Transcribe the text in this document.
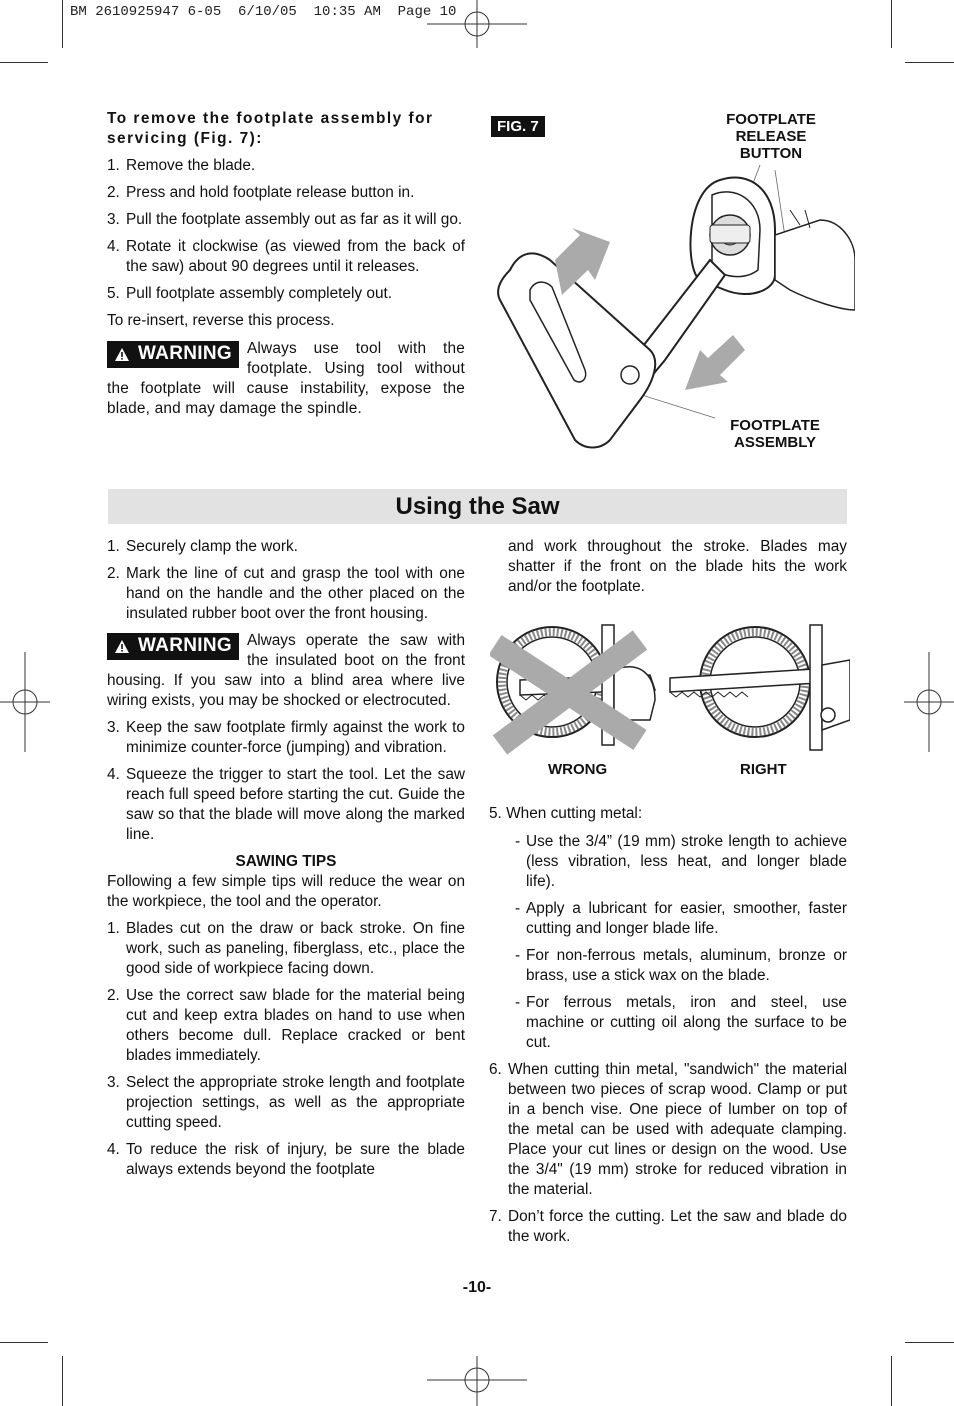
BM 2610925947 6-05  6/10/05  10:35 AM  Page 10

To remove the footplate assembly for servicing (Fig. 7):

1. Remove the blade.
2. Press and hold footplate release button in.
3. Pull the footplate assembly out as far as it will go.
4. Rotate it clockwise (as viewed from the back of the saw) about 90 degrees until it releases.
5. Pull footplate assembly completely out.

To re-insert, reverse this process.

WARNING Always use tool with the footplate. Using tool without the footplate will cause instability, expose the blade, and may damage the spindle.
FIG. 7	FOOTPLATE
RELEASE
BUTTON
FOOTPLATE
ASSEMBLY
Using the Saw
1. Securely clamp the work.
2. Mark the line of cut and grasp the tool with one hand on the handle and the other placed on the insulated rubber boot over the front housing.
WARNING Always operate the saw with the insulated boot on the front housing. If you saw into a blind area where live wiring exists, you may be shocked or electrocuted.
3. Keep the saw footplate firmly against the work to minimize counter-force (jumping) and vibration.
4. Squeeze the trigger to start the tool. Let the saw reach full speed before starting the cut. Guide the saw so that the blade will move along the marked line.
SAWING TIPS

Following a few simple tips will reduce the wear on the workpiece, the tool and the operator.

1. Blades cut on the draw or back stroke. On fine work, such as paneling, fiberglass, etc., place the good side of workpiece facing down.
2. Use the correct saw blade for the material being cut and keep extra blades on hand to use when others become dull. Replace cracked or bent blades immediately.
3. Select the appropriate stroke length and footplate projection settings, as well as the appropriate cutting speed.
4. To reduce the risk of injury, be sure the blade always extends beyond the footplate

and work throughout the stroke. Blades may shatter if the front on the blade hits the work and/or the footplate.

WRONG	RIGHT

5. When cutting metal:

- Use the 3/4” (19 mm) stroke length to achieve (less vibration, less heat, and longer blade life).
- Apply a lubricant for easier, smoother, faster cutting and longer blade life.
- For non-ferrous metals, aluminum, bronze or brass, use a stick wax on the blade.
- For ferrous metals, iron and steel, use machine or cutting oil along the surface to be cut.
6. When cutting thin metal, "sandwich" the material between two pieces of scrap wood. Clamp or put in a bench vise. One piece of lumber on top of the metal can be used with adequate clamping. Place your cut lines or design on the wood. Use the 3/4" (19 mm) stroke for reduced vibration in the material.
7. Don’t force the cutting. Let the saw and blade do the work.
-10-
